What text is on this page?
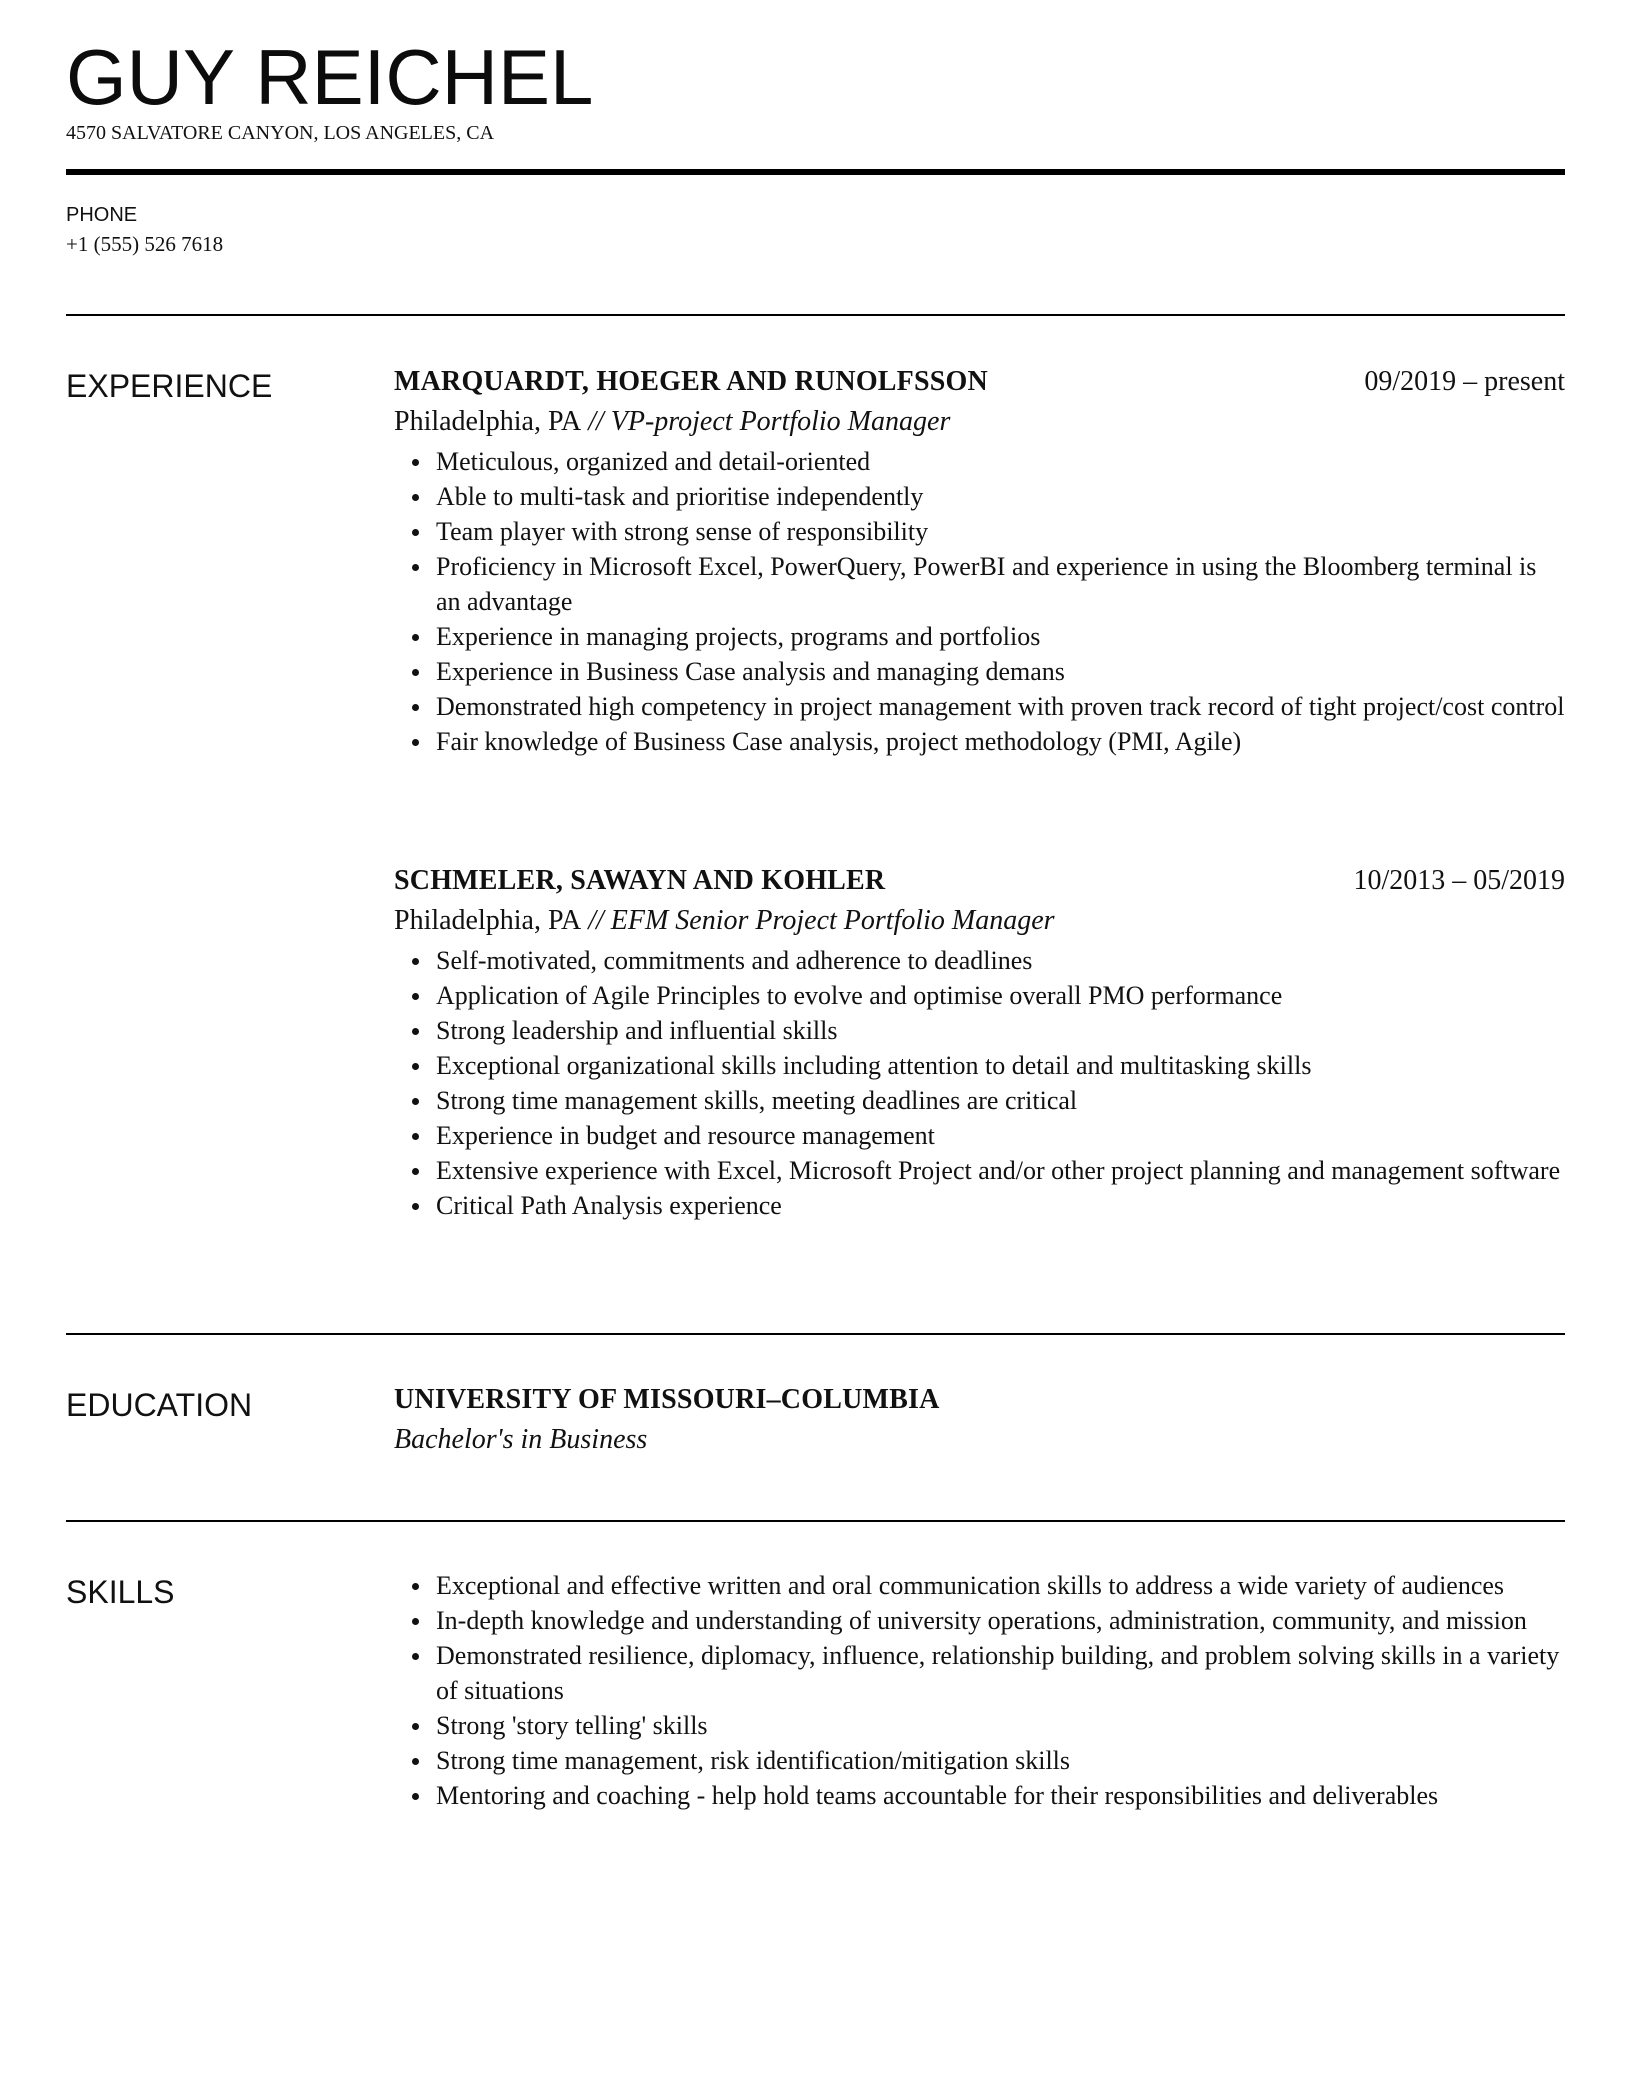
GUY REICHEL
4570 SALVATORE CANYON, LOS ANGELES, CA
PHONE
+1 (555) 526 7618
EXPERIENCE	MARQUARDT, HOEGER AND RUNOLFSSON	09/2019 – present
Philadelphia, PA // VP-project Portfolio Manager
Meticulous, organized and detail-oriented
Able to multi-task and prioritise independently
Team player with strong sense of responsibility
Proficiency in Microsoft Excel, PowerQuery, PowerBI and experience in using the Bloomberg terminal is an advantage
Experience in managing projects, programs and portfolios
Experience in Business Case analysis and managing demans
Demonstrated high competency in project management with proven track record of tight project/cost control
Fair knowledge of Business Case analysis, project methodology (PMI, Agile)
SCHMELER, SAWAYN AND KOHLER	10/2013 – 05/2019
Philadelphia, PA // EFM Senior Project Portfolio Manager
Self-motivated, commitments and adherence to deadlines
Application of Agile Principles to evolve and optimise overall PMO performance
Strong leadership and influential skills
Exceptional organizational skills including attention to detail and multitasking skills
Strong time management skills, meeting deadlines are critical
Experience in budget and resource management
Extensive experience with Excel, Microsoft Project and/or other project planning and management software
Critical Path Analysis experience
EDUCATION	UNIVERSITY OF MISSOURI–COLUMBIA
Bachelor's in Business
SKILLS	Exceptional and effective written and oral communication skills to address a wide variety of audiences
In-depth knowledge and understanding of university operations, administration, community, and mission
Demonstrated resilience, diplomacy, influence, relationship building, and problem solving skills in a variety of situations
Strong 'story telling' skills
Strong time management, risk identification/mitigation skills
Mentoring and coaching - help hold teams accountable for their responsibilities and deliverables
